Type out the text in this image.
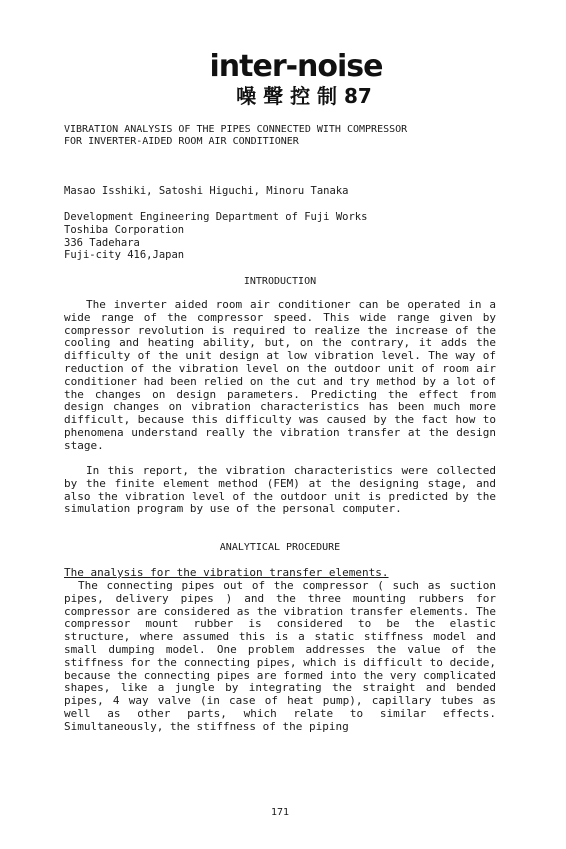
inter-noise
噪 聲 控 制 87
VIBRATION ANALYSIS OF THE PIPES CONNECTED WITH COMPRESSOR
FOR INVERTER-AIDED ROOM AIR CONDITIONER
Masao Isshiki, Satoshi Higuchi, Minoru Tanaka
Development Engineering Department of Fuji Works
Toshiba Corporation
336 Tadehara
Fuji-city 416,Japan
INTRODUCTION

The inverter aided room air conditioner can be operated in a wide range of the compressor speed. This wide range given by compressor revolution is required to realize the increase of the cooling and heating ability, but, on the contrary, it adds the difficulty of the unit design at low vibration level. The way of reduction of the vibration level on the outdoor unit of room air conditioner had been relied on the cut and try method by a lot of the changes on design parameters. Predicting the effect from design changes on vibration characteristics has been much more difficult, because this difficulty was caused by the fact how to phenomena understand really the vibration transfer at the design stage.

In this report, the vibration characteristics were collected by the finite element method (FEM) at the designing stage, and also the vibration level of the outdoor unit is predicted by the simulation program by use of the personal computer.

ANALYTICAL PROCEDURE
The analysis for the vibration transfer elements.

The connecting pipes out of the compressor ( such as suction pipes, delivery pipes ) and the three mounting rubbers for compressor are considered as the vibration transfer elements. The compressor mount rubber is considered to be the elastic structure, where assumed this is a static stiffness model and small dumping model. One problem addresses the value of the stiffness for the connecting pipes, which is difficult to decide, because the connecting pipes are formed into the very complicated shapes, like a jungle by integrating the straight and bended pipes, 4 way valve (in case of heat pump), capillary tubes as well as other parts, which relate to similar effects. Simultaneously, the stiffness of the piping

171
